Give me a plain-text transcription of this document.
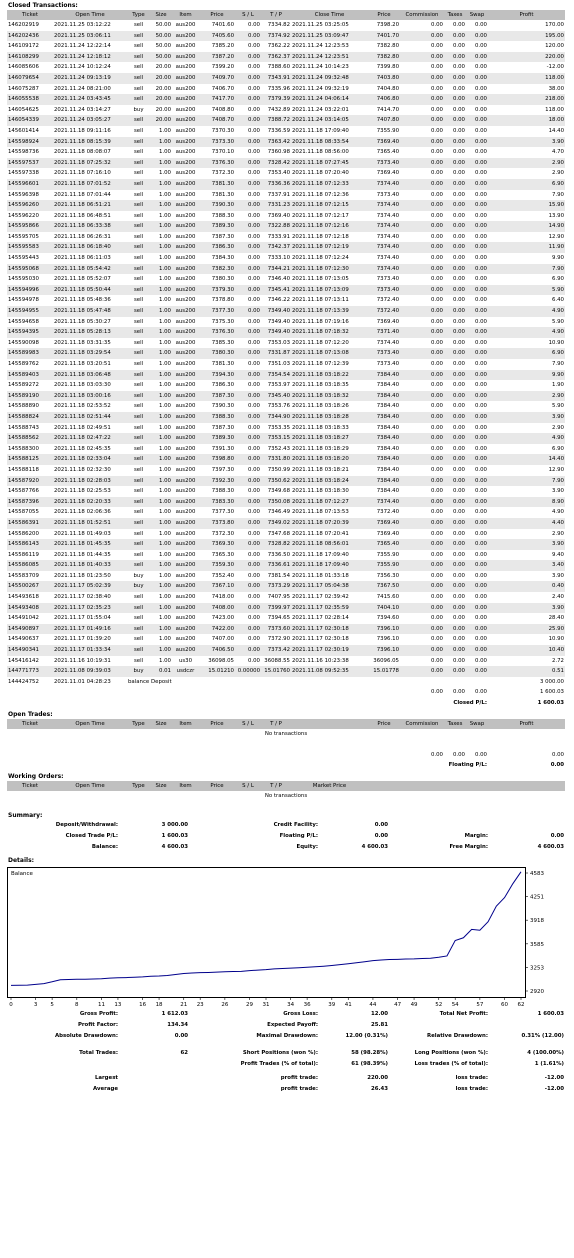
Closed Transactions:
Ticket	Open Time	Type	Size	Item	Price	S / L	T / P	Close Time	Price	Commission	Taxes	Swap	Profit
146202919	2021.11.25 03:12:22	sell	50.00	aus200	7401.60	0.00	7334.82	2021.11.25 03:25:05	7398.20	0.00	0.00	0.00	170.00
146202436	2021.11.25 03:06:11	sell	50.00	aus200	7405.60	0.00	7374.92	2021.11.25 03:09:47	7401.70	0.00	0.00	0.00	195.00
146109172	2021.11.24 12:22:14	sell	50.00	aus200	7385.20	0.00	7362.22	2021.11.24 12:23:53	7382.80	0.00	0.00	0.00	120.00
146108299	2021.11.24 12:18:12	sell	50.00	aus200	7387.20	0.00	7362.37	2021.11.24 12:23:51	7382.80	0.00	0.00	0.00	220.00
146085606	2021.11.24 10:12:24	sell	20.00	aus200	7399.20	0.00	7388.60	2021.11.24 10:14:23	7399.80	0.00	0.00	0.00	-12.00
146079654	2021.11.24 09:13:19	sell	20.00	aus200	7409.70	0.00	7343.91	2021.11.24 09:32:48	7403.80	0.00	0.00	0.00	118.00
146075287	2021.11.24 08:21:00	sell	20.00	aus200	7406.70	0.00	7335.96	2021.11.24 09:32:19	7404.80	0.00	0.00	0.00	38.00
146055538	2021.11.24 03:43:45	sell	20.00	aus200	7417.70	0.00	7379.39	2021.11.24 04:06:14	7406.80	0.00	0.00	0.00	218.00
146054625	2021.11.24 03:14:27	buy	20.00	aus200	7408.80	0.00	7432.89	2021.11.24 03:22:01	7414.70	0.00	0.00	0.00	118.00
146054339	2021.11.24 03:05:27	sell	20.00	aus200	7408.70	0.00	7388.72	2021.11.24 03:14:05	7407.80	0.00	0.00	0.00	18.00
145601414	2021.11.18 09:11:16	sell	1.00	aus200	7370.30	0.00	7336.59	2021.11.18 17:09:40	7355.90	0.00	0.00	0.00	14.40
145598924	2021.11.18 08:15:39	sell	1.00	aus200	7373.30	0.00	7363.42	2021.11.18 08:33:54	7369.40	0.00	0.00	0.00	3.90
145598736	2021.11.18 08:08:07	sell	1.00	aus200	7370.10	0.00	7360.98	2021.11.18 08:56:00	7365.40	0.00	0.00	0.00	4.70
145597537	2021.11.18 07:25:32	sell	1.00	aus200	7376.30	0.00	7328.42	2021.11.18 07:27:45	7373.40	0.00	0.00	0.00	2.90
145597338	2021.11.18 07:16:10	sell	1.00	aus200	7372.30	0.00	7353.40	2021.11.18 07:20:40	7369.40	0.00	0.00	0.00	2.90
145596601	2021.11.18 07:01:52	sell	1.00	aus200	7381.30	0.00	7336.36	2021.11.18 07:12:33	7374.40	0.00	0.00	0.00	6.90
145596398	2021.11.18 07:01:44	sell	1.00	aus200	7381.30	0.00	7337.91	2021.11.18 07:12:36	7373.40	0.00	0.00	0.00	7.90
145596260	2021.11.18 06:51:21	sell	1.00	aus200	7390.30	0.00	7331.23	2021.11.18 07:12:15	7374.40	0.00	0.00	0.00	15.90
145596220	2021.11.18 06:48:51	sell	1.00	aus200	7388.30	0.00	7369.40	2021.11.18 07:12:17	7374.40	0.00	0.00	0.00	13.90
145595866	2021.11.18 06:33:38	sell	1.00	aus200	7389.30	0.00	7322.88	2021.11.18 07:12:16	7374.40	0.00	0.00	0.00	14.90
145595705	2021.11.18 06:26:31	sell	1.00	aus200	7387.30	0.00	7333.91	2021.11.18 07:12:18	7374.40	0.00	0.00	0.00	12.90
145595583	2021.11.18 06:18:40	sell	1.00	aus200	7386.30	0.00	7342.37	2021.11.18 07:12:19	7374.40	0.00	0.00	0.00	11.90
145595443	2021.11.18 06:11:03	sell	1.00	aus200	7384.30	0.00	7333.10	2021.11.18 07:12:24	7374.40	0.00	0.00	0.00	9.90
145595068	2021.11.18 05:54:42	sell	1.00	aus200	7382.30	0.00	7344.21	2021.11.18 07:12:30	7374.40	0.00	0.00	0.00	7.90
145595030	2021.11.18 05:52:07	sell	1.00	aus200	7380.30	0.00	7346.40	2021.11.18 07:13:05	7373.40	0.00	0.00	0.00	6.90
145594996	2021.11.18 05:50:44	sell	1.00	aus200	7379.30	0.00	7345.41	2021.11.18 07:13:09	7373.40	0.00	0.00	0.00	5.90
145594978	2021.11.18 05:48:36	sell	1.00	aus200	7378.80	0.00	7346.22	2021.11.18 07:13:11	7372.40	0.00	0.00	0.00	6.40
145594955	2021.11.18 05:47:48	sell	1.00	aus200	7377.30	0.00	7349.40	2021.11.18 07:13:39	7372.40	0.00	0.00	0.00	4.90
145594658	2021.11.18 05:30:27	sell	1.00	aus200	7375.30	0.00	7349.40	2021.11.18 07:19:16	7369.40	0.00	0.00	0.00	5.90
145594395	2021.11.18 05:28:13	sell	1.00	aus200	7376.30	0.00	7349.40	2021.11.18 07:18:32	7371.40	0.00	0.00	0.00	4.90
145590098	2021.11.18 03:31:35	sell	1.00	aus200	7385.30	0.00	7353.03	2021.11.18 07:12:20	7374.40	0.00	0.00	0.00	10.90
145589983	2021.11.18 03:29:54	sell	1.00	aus200	7380.30	0.00	7331.87	2021.11.18 07:13:08	7373.40	0.00	0.00	0.00	6.90
145589762	2021.11.18 03:20:51	sell	1.00	aus200	7381.30	0.00	7351.03	2021.11.18 07:12:39	7373.40	0.00	0.00	0.00	7.90
145589403	2021.11.18 03:06:48	sell	1.00	aus200	7394.30	0.00	7354.54	2021.11.18 03:18:22	7384.40	0.00	0.00	0.00	9.90
145589272	2021.11.18 03:03:30	sell	1.00	aus200	7386.30	0.00	7353.97	2021.11.18 03:18:35	7384.40	0.00	0.00	0.00	1.90
145589190	2021.11.18 03:00:16	sell	1.00	aus200	7387.30	0.00	7345.40	2021.11.18 03:18:32	7384.40	0.00	0.00	0.00	2.90
145588890	2021.11.18 02:53:52	sell	1.00	aus200	7390.30	0.00	7353.76	2021.11.18 03:18:26	7384.40	0.00	0.00	0.00	5.90
145588824	2021.11.18 02:51:44	sell	1.00	aus200	7388.30	0.00	7344.90	2021.11.18 03:18:28	7384.40	0.00	0.00	0.00	3.90
145588743	2021.11.18 02:49:51	sell	1.00	aus200	7387.30	0.00	7353.35	2021.11.18 03:18:33	7384.40	0.00	0.00	0.00	2.90
145588562	2021.11.18 02:47:22	sell	1.00	aus200	7389.30	0.00	7353.15	2021.11.18 03:18:27	7384.40	0.00	0.00	0.00	4.90
145588300	2021.11.18 02:45:35	sell	1.00	aus200	7391.30	0.00	7352.43	2021.11.18 03:18:29	7384.40	0.00	0.00	0.00	6.90
145588125	2021.11.18 02:33:04	sell	1.00	aus200	7398.80	0.00	7331.80	2021.11.18 03:18:20	7384.40	0.00	0.00	0.00	14.40
145588118	2021.11.18 02:32:30	sell	1.00	aus200	7397.30	0.00	7350.99	2021.11.18 03:18:21	7384.40	0.00	0.00	0.00	12.90
145587920	2021.11.18 02:28:03	sell	1.00	aus200	7392.30	0.00	7350.62	2021.11.18 03:18:24	7384.40	0.00	0.00	0.00	7.90
145587766	2021.11.18 02:25:53	sell	1.00	aus200	7388.30	0.00	7349.68	2021.11.18 03:18:30	7384.40	0.00	0.00	0.00	3.90
145587396	2021.11.18 02:20:33	sell	1.00	aus200	7383.30	0.00	7350.08	2021.11.18 07:12:27	7374.40	0.00	0.00	0.00	8.90
145587055	2021.11.18 02:06:36	sell	1.00	aus200	7377.30	0.00	7346.49	2021.11.18 07:13:53	7372.40	0.00	0.00	0.00	4.90
145586391	2021.11.18 01:52:51	sell	1.00	aus200	7373.80	0.00	7349.02	2021.11.18 07:20:39	7369.40	0.00	0.00	0.00	4.40
145586200	2021.11.18 01:49:03	sell	1.00	aus200	7372.30	0.00	7347.68	2021.11.18 07:20:41	7369.40	0.00	0.00	0.00	2.90
145586143	2021.11.18 01:45:35	sell	1.00	aus200	7369.30	0.00	7328.82	2021.11.18 08:56:01	7365.40	0.00	0.00	0.00	3.90
145586119	2021.11.18 01:44:35	sell	1.00	aus200	7365.30	0.00	7336.50	2021.11.18 17:09:40	7355.90	0.00	0.00	0.00	9.40
145586085	2021.11.18 01:40:33	sell	1.00	aus200	7359.30	0.00	7336.61	2021.11.18 17:09:40	7355.90	0.00	0.00	0.00	3.40
145583709	2021.11.18 01:23:50	buy	1.00	aus200	7352.40	0.00	7381.54	2021.11.18 01:33:18	7356.30	0.00	0.00	0.00	3.90
145500267	2021.11.17 05:02:39	buy	1.00	aus200	7367.10	0.00	7373.29	2021.11.17 05:04:38	7367.50	0.00	0.00	0.00	0.40
145493618	2021.11.17 02:38:40	sell	1.00	aus200	7418.00	0.00	7407.95	2021.11.17 02:39:42	7415.60	0.00	0.00	0.00	2.40
145493408	2021.11.17 02:35:23	sell	1.00	aus200	7408.00	0.00	7399.97	2021.11.17 02:35:59	7404.10	0.00	0.00	0.00	3.90
145491042	2021.11.17 01:55:04	sell	1.00	aus200	7423.00	0.00	7394.65	2021.11.17 02:28:14	7394.60	0.00	0.00	0.00	28.40
145490897	2021.11.17 01:49:16	sell	1.00	aus200	7422.00	0.00	7373.60	2021.11.17 02:30:18	7396.10	0.00	0.00	0.00	25.90
145490637	2021.11.17 01:39:20	sell	1.00	aus200	7407.00	0.00	7372.90	2021.11.17 02:30:18	7396.10	0.00	0.00	0.00	10.90
145490341	2021.11.17 01:33:34	sell	1.00	aus200	7406.50	0.00	7373.42	2021.11.17 02:30:19	7396.10	0.00	0.00	0.00	10.40
145416142	2021.11.16 10:19:31	sell	1.00	us30	36098.05	0.00	36088.55	2021.11.16 10:23:38	36096.05	0.00	0.00	0.00	2.72
144771773	2021.11.08 09:39:03	buy	0.01	usdczr	15.01210	0.00000	15.01760	2021.11.08 09:52:35	15.01778	0.00	0.00	0.00	0.51
144424752	2021.11.01 04:28:23	balance	Deposit										3 000.00
										0.00	0.00	0.00	1 600.03
										Closed P/L:			1 600.03
Open Trades:
Ticket	Open Time	Type	Size	Item	Price	S / L	T / P		Price	Commission	Taxes	Swap	Profit
No transactions													

										0.00	0.00	0.00	0.00
										Floating P/L:			0.00
Working Orders:
Ticket	Open Time	Type	Size	Item	Price	S / L	T / P	Market Price					
No transactions
Summary:
Deposit/Withdrawal:	3 000.00	Credit Facility:	0.00		
Closed Trade P/L:	1 600.03	Floating P/L:	0.00	Margin:	0.00
Balance:	4 600.03	Equity:	4 600.03	Free Margin:	4 600.03
Details:
Balance	4583
4251
3918
3585
3253
2920
0	3 5	8	11 13	16 18	21 23	26	29 31	34 36	39 41	44	47 49	52 54	57	60 62
Gross Profit:	1 612.03	Gross Loss:	12.00	Total Net Profit:	1 600.03
Profit Factor:	134.34	Expected Payoff:	25.81		
Absolute Drawdown:	0.00	Maximal Drawdown:	12.00 (0.31%)	Relative Drawdown:	0.31% (12.00)

Total Trades:	62	Short Positions (won %):	58 (98.28%)	Long Positions (won %):	4 (100.00%)
		Profit Trades (% of total):	61 (98.39%)	Loss trades (% of total):	1 (1.61%)

Largest		profit trade:	220.00	loss trade:	-12.00
Average		profit trade:	26.43	loss trade:	-12.00
